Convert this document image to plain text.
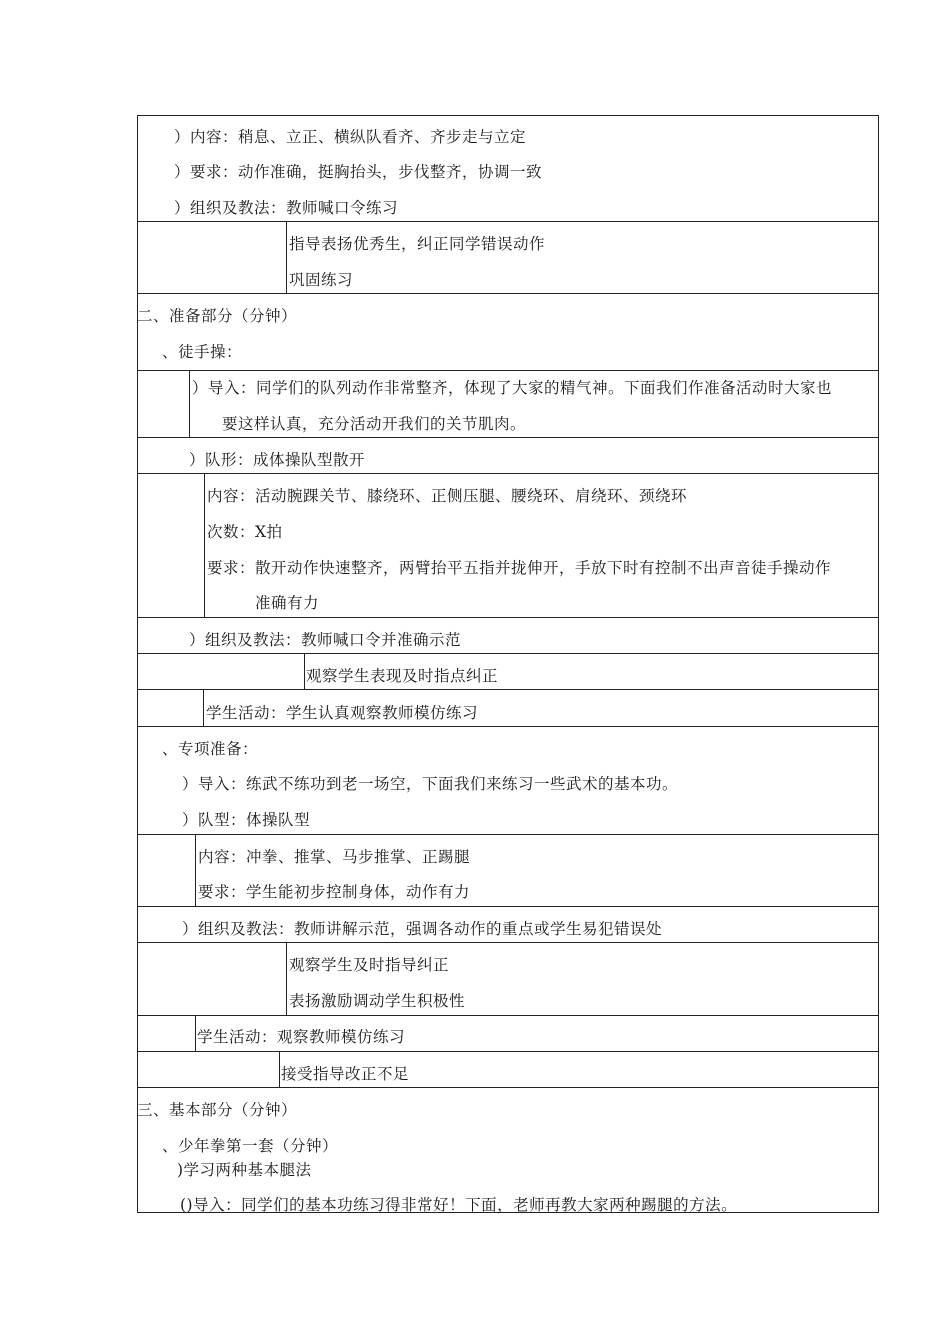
）内容：稍息、立正、横纵队看齐、齐步走与立定
）要求：动作准确，挺胸抬头，步伐整齐，协调一致
）组织及教法：教师喊口令练习
指导表扬优秀生，纠正同学错误动作
巩固练习
二、准备部分（分钟）
、徒手操：
）导入：同学们的队列动作非常整齐，体现了大家的精气神。下面我们作准备活动时大家也
要这样认真，充分活动开我们的关节肌肉。
）队形：成体操队型散开
内容：活动腕踝关节、膝绕环、正侧压腿、腰绕环、肩绕环、颈绕环
次数：X拍
要求：散开动作快速整齐，两臂抬平五指并拢伸开，手放下时有控制不出声音徒手操动作
准确有力
）组织及教法：教师喊口令并准确示范
观察学生表现及时指点纠正
学生活动：学生认真观察教师模仿练习
、专项准备：
）导入：练武不练功到老一场空，下面我们来练习一些武术的基本功。
）队型：体操队型
内容：冲拳、推掌、马步推掌、正踢腿
要求：学生能初步控制身体，动作有力
）组织及教法：教师讲解示范，强调各动作的重点或学生易犯错误处
观察学生及时指导纠正
表扬激励调动学生积极性
学生活动：观察教师模仿练习
接受指导改正不足
三、基本部分（分钟）
、少年拳第一套（分钟）
)学习两种基本腿法
()导入：同学们的基本功练习得非常好！下面，老师再教大家两种踢腿的方法。
